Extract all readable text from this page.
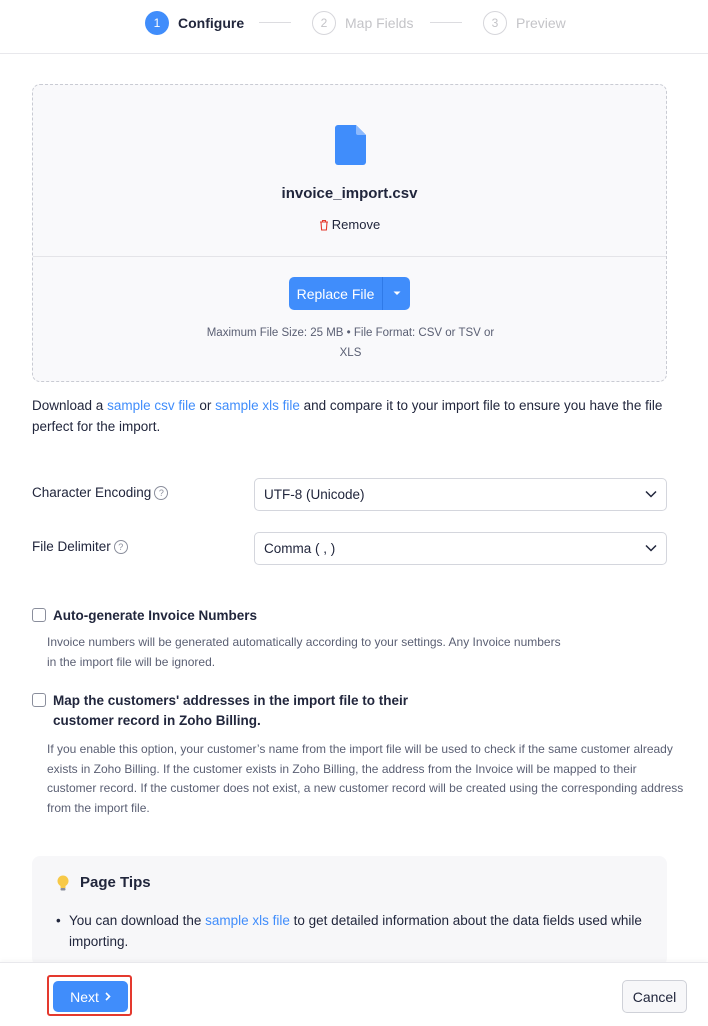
1	Configure	2	Map Fields	3	Preview
invoice_import.csv
Remove
Replace File
Maximum File Size: 25 MB • File Format: CSV or TSV or
XLS
Download a sample csv file or sample xls file and compare it to your import file to ensure you have the file perfect for the import.
Character Encoding ?	UTF-8 (Unicode)
File Delimiter ?	Comma ( , )
Auto-generate Invoice Numbers
Invoice numbers will be generated automatically according to your settings. Any Invoice numbers in the import file will be ignored.
Map the customers' addresses in the import file to their
customer record in Zoho Billing.
If you enable this option, your customer’s name from the import file will be used to check if the same customer already exists in Zoho Billing. If the customer exists in Zoho Billing, the address from the Invoice will be mapped to their customer record. If the customer does not exist, a new customer record will be created using the corresponding address from the import file.
Page Tips
• You can download the sample xls file to get detailed information about the data fields used while importing.
Next	Cancel
